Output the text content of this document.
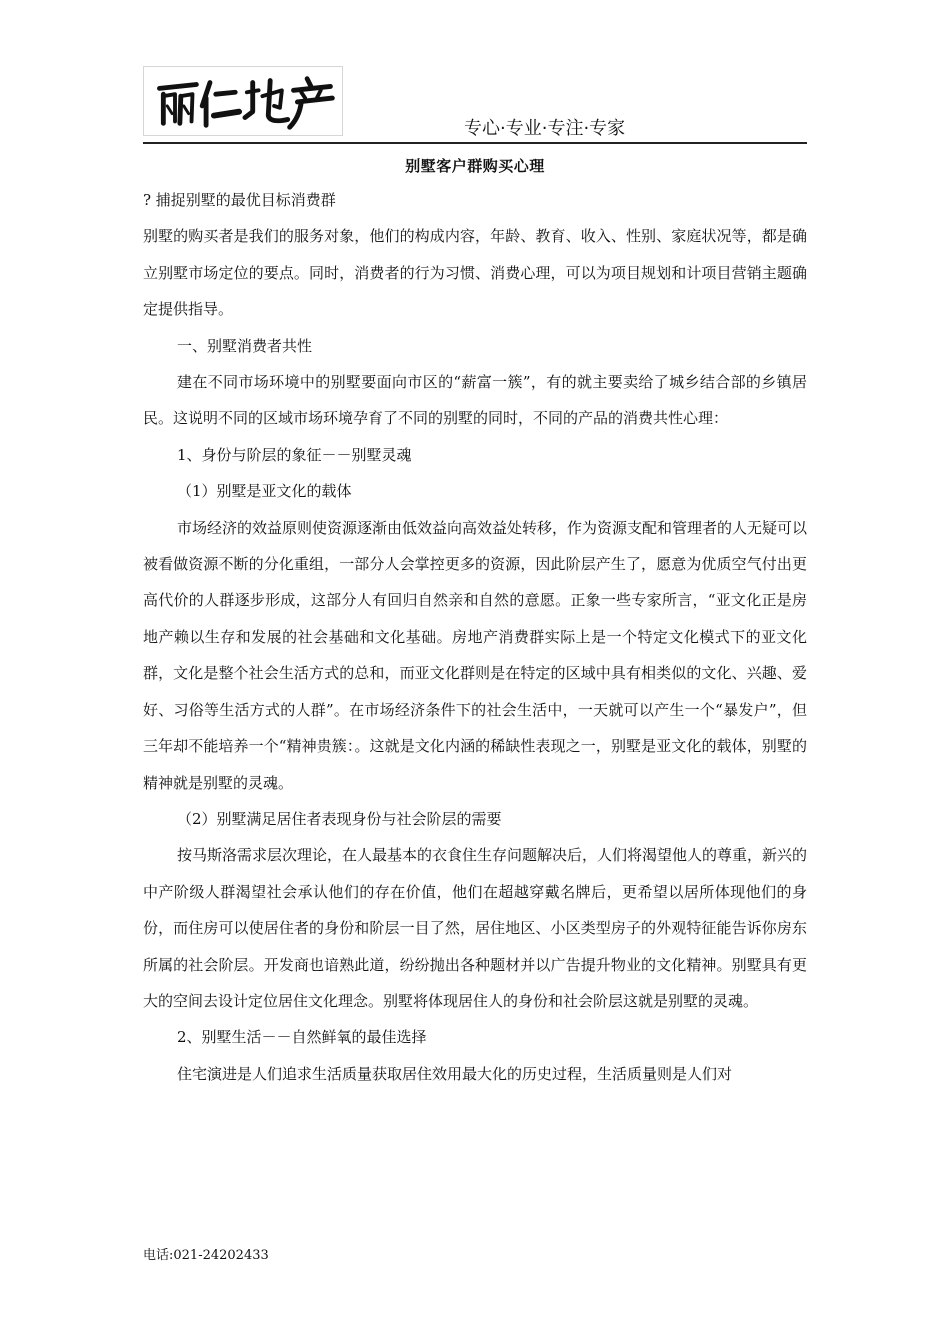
专心·专业·专注·专家
别墅客户群购买心理

? 捕捉别墅的最优目标消费群

别墅的购买者是我们的服务对象，他们的构成内容，年龄、教育、收入、性别、家庭状况等，都是确立别墅市场定位的要点。同时，消费者的行为习惯、消费心理，可以为项目规划和计项目营销主题确定提供指导。

一、别墅消费者共性

建在不同市场环境中的别墅要面向市区的“薪富一簇”，有的就主要卖给了城乡结合部的乡镇居民。这说明不同的区域市场环境孕育了不同的别墅的同时，不同的产品的消费共性心理：

1、身份与阶层的象征－－别墅灵魂

（1）别墅是亚文化的载体

市场经济的效益原则使资源逐渐由低效益向高效益处转移，作为资源支配和管理者的人无疑可以被看做资源不断的分化重组，一部分人会掌控更多的资源，因此阶层产生了，愿意为优质空气付出更高代价的人群逐步形成，这部分人有回归自然亲和自然的意愿。正象一些专家所言，“亚文化正是房地产赖以生存和发展的社会基础和文化基础。房地产消费群实际上是一个特定文化模式下的亚文化群，文化是整个社会生活方式的总和，而亚文化群则是在特定的区域中具有相类似的文化、兴趣、爱好、习俗等生活方式的人群”。在市场经济条件下的社会生活中，一天就可以产生一个“暴发户”，但三年却不能培养一个“精神贵簇：。这就是文化内涵的稀缺性表现之一，别墅是亚文化的载体，别墅的精神就是别墅的灵魂。

（2）别墅满足居住者表现身份与社会阶层的需要

按马斯洛需求层次理论，在人最基本的衣食住生存问题解决后，人们将渴望他人的尊重，新兴的中产阶级人群渴望社会承认他们的存在价值，他们在超越穿戴名牌后，更希望以居所体现他们的身份，而住房可以使居住者的身份和阶层一目了然，居住地区、小区类型房子的外观特征能告诉你房东所属的社会阶层。开发商也谙熟此道，纷纷抛出各种题材并以广告提升物业的文化精神。别墅具有更大的空间去设计定位居住文化理念。别墅将体现居住人的身份和社会阶层这就是别墅的灵魂。

2、别墅生活－－自然鲜氧的最佳选择

住宅演进是人们追求生活质量获取居住效用最大化的历史过程，生活质量则是人们对

电话:021-24202433
